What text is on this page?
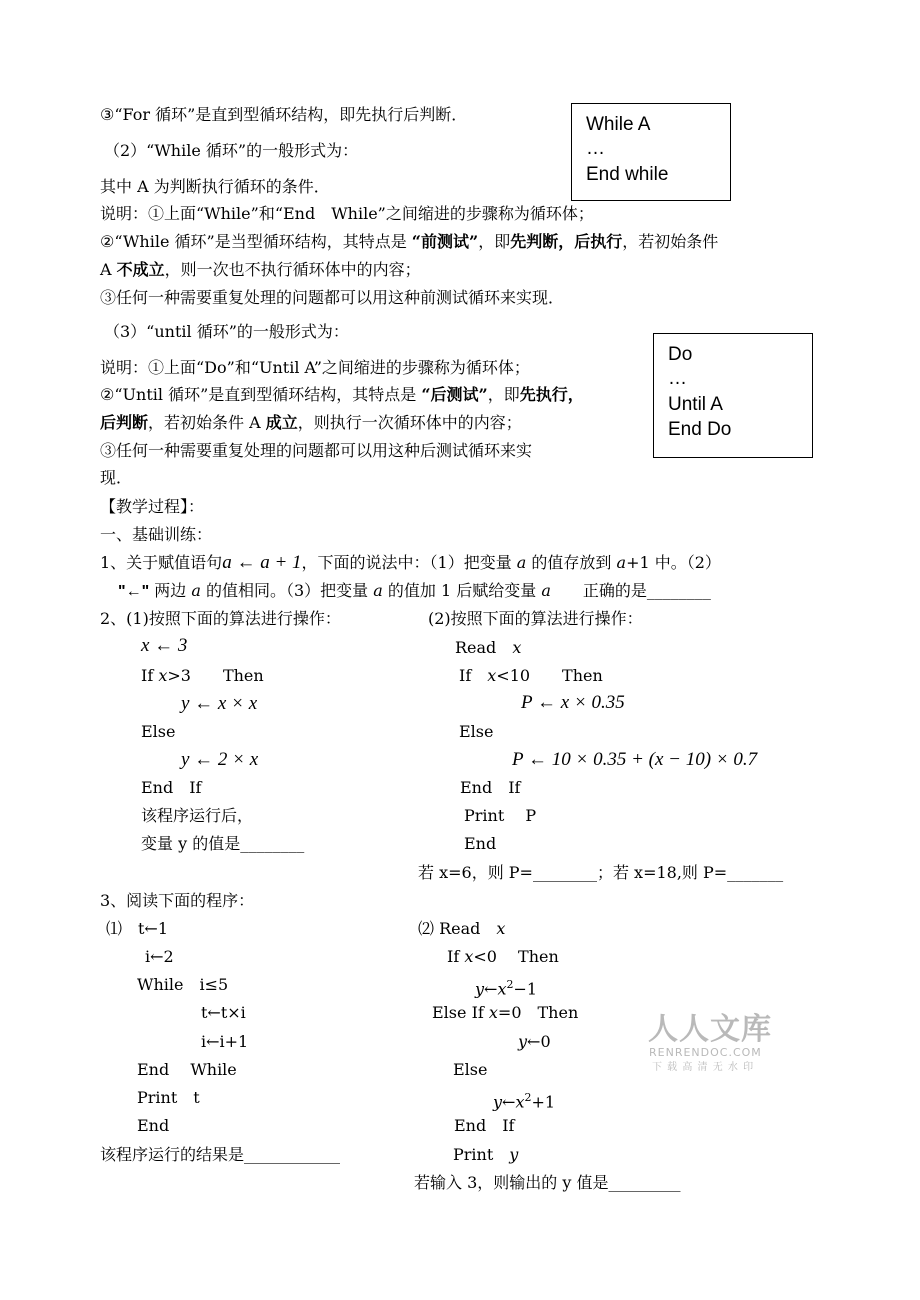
③“For 循环”是直到型循环结构，即先执行后判断．
（2）“While 循环”的一般形式为：
其中 A 为判断执行循环的条件．
说明：①上面“While”和“End　While”之间缩进的步骤称为循环体；
②“While 循环”是当型循环结构，其特点是 “前测试”，即先判断，后执行，若初始条件
A 不成立，则一次也不执行循环体中的内容；
③任何一种需要重复处理的问题都可以用这种前测试循环来实现．
（3）“until 循环”的一般形式为：
说明：①上面“Do”和“Until A”之间缩进的步骤称为循环体；
②“Until 循环”是直到型循环结构，其特点是 “后测试”，即先执行，
后判断，若初始条件 A 成立，则执行一次循环体中的内容；
③任何一种需要重复处理的问题都可以用这种后测试循环来实
现．
While A
…
End while
Do
…
Until A
End Do
【教学过程】：
一、基础训练：
1、关于赋值语句a ← a + 1，下面的说法中：（1）把变量 a 的值存放到 a+1 中。（2）
"←" 两边 a 的值相同。（3）把变量 a 的值加 1 后赋给变量 a　　正确的是________
2、(1)按照下面的算法进行操作：	(2)按照下面的算法进行操作：
x ← 3
If x>3　　Then
y ← x × x
Else
y ← 2 × x
End　If
该程序运行后，
变量 y 的值是________
Read　x
If　x<10　　Then
P ← x × 0.35
Else
P ← 10 × 0.35 + (x − 10) × 0.7
End　If
Print　 P
End
若 x=6，则 P=________；若 x=18,则 P=_______
3、阅读下面的程序：
⑴　t←1
i←2
While　i≤5
t←t×i
i←i+1
End　 While
Print　t
End
该程序运行的结果是____________
⑵ Read　x
If x<0　 Then
$y\leftarrow x^2-1$
Else If x=0　Then
y←0
Else
$y\leftarrow x^2+1$
End　If
Print　y
若输入 3，则输出的 y 值是_________
人人文库
RENRENDOC.COM
下 载 高 清 无 水 印
